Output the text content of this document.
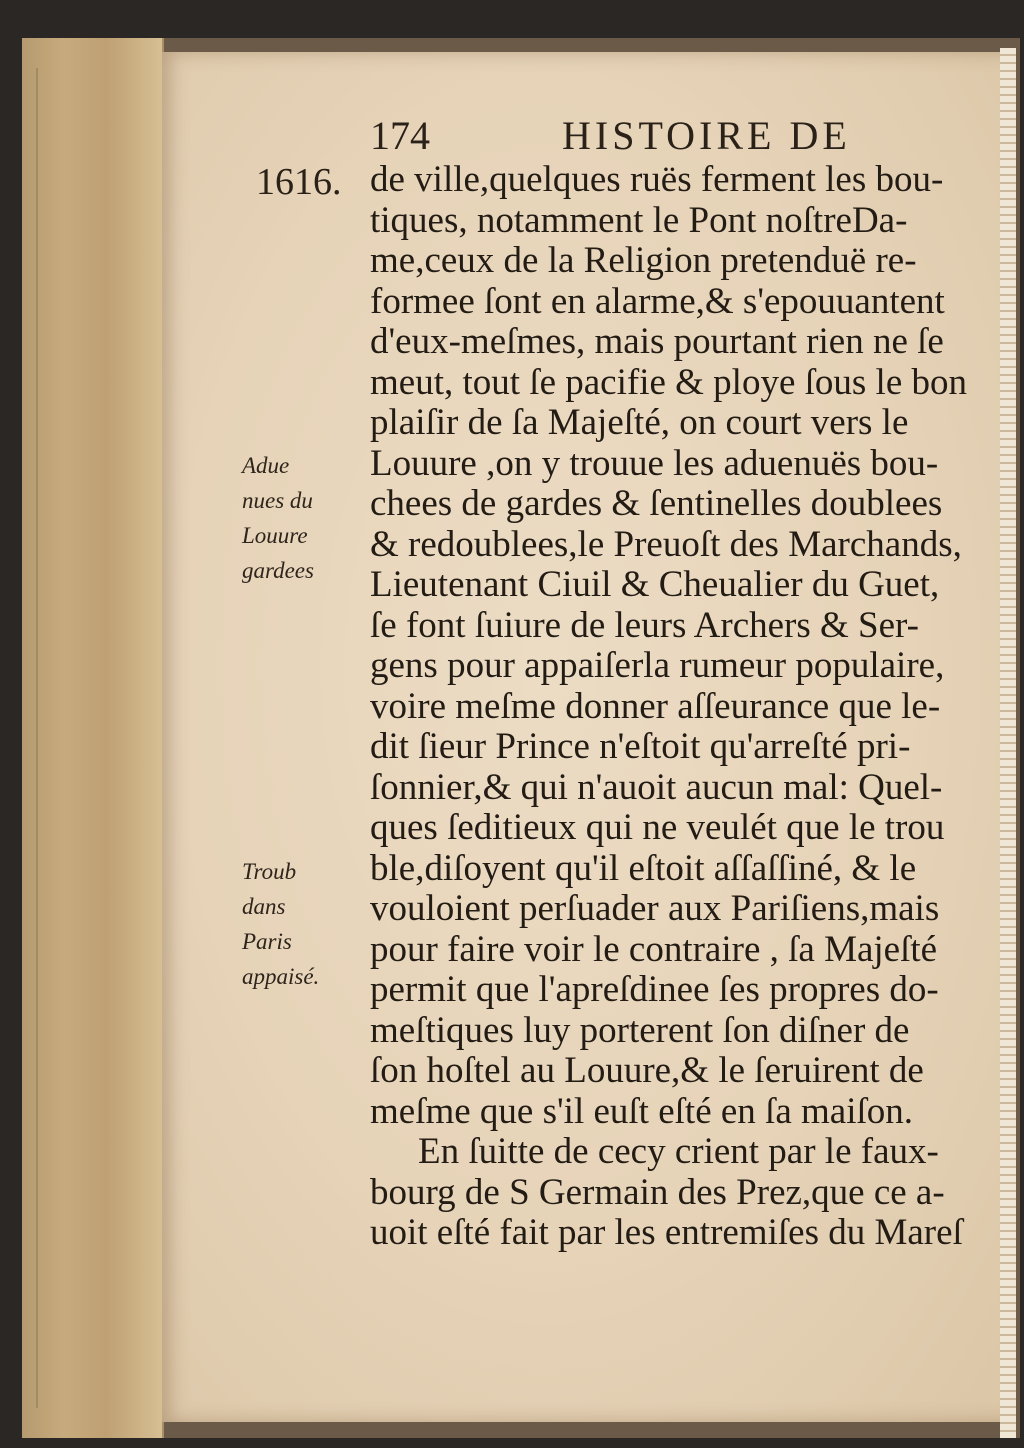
174	HISTOIRE DE
1616.
Adue
nues du
Louure
gardees
Troub
dans
Paris
appaisé.
de ville,quelques ruës ferment les bou-
tiques, notamment le Pont noſtreDa-
me,ceux de la Religion pretenduë re-
formee ſont en alarme,& s'epouuantent
d'eux-meſmes, mais pourtant rien ne ſe
meut, tout ſe pacifie & ploye ſous le bon
plaiſir de ſa Majeſté, on court vers le
Louure ,on y trouue les aduenuës bou-
chees de gardes & ſentinelles doublees
& redoublees,le Preuoſt des Marchands,
Lieutenant Ciuil & Cheualier du Guet,
ſe font ſuiure de leurs Archers & Ser-
gens pour appaiſerla rumeur populaire,
voire meſme donner aſſeurance que le-
dit ſieur Prince n'eſtoit qu'arreſté pri-
ſonnier,& qui n'auoit aucun mal: Quel-
ques ſeditieux qui ne veulét que le trou
ble,diſoyent qu'il eſtoit aſſaſſiné, & le
vouloient perſuader aux Pariſiens,mais
pour faire voir le contraire , ſa Majeſté
permit que l'apreſdinee ſes propres do-
meſtiques luy porterent ſon diſner de
ſon hoſtel au Louure,& le ſeruirent de
meſme que s'il euſt eſté en ſa maiſon.
En ſuitte de cecy crient par le faux-
bourg de S Germain des Prez,que ce a-
uoit eſté fait par les entremiſes du Mareſ
